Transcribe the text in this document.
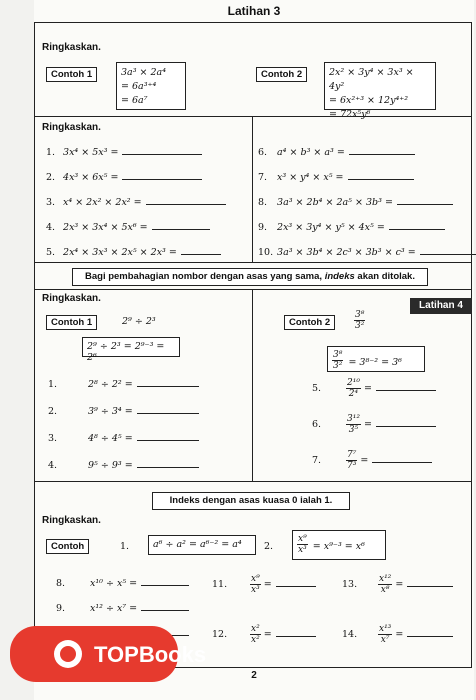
Latihan 3
Ringkaskan.
Contoh 1	3a³ × 2a⁴
= 6a³⁺⁴
= 6a⁷
Contoh 2	2x² × 3y⁴ × 3x³ × 4y²
= 6x²⁺³ × 12y⁴⁺²
= 72x⁵y⁶
Ringkaskan.
1. 3x⁴ × 5x³ =
2. 4x³ × 6x⁵ =
3. x⁴ × 2x² × 2x² =
4. 2x³ × 3x⁴ × 5x⁶ =
5. 2x⁴ × 3x³ × 2x⁵ × 2x³ =
6. a⁴ × b³ × a³ =
7. x³ × y⁴ × x⁵ =
8. 3a³ × 2b⁴ × 2a⁵ × 3b³ =
9. 2x³ × 3y⁴ × y⁵ × 4x⁵ =
10. 3a³ × 3b⁴ × 2c³ × 3b³ × c³ =
Bagi pembahagian nombor dengan asas yang sama, indeks akan ditolak.
Ringkaskan.
Latihan 4
Contoh 1	2⁹ ÷ 2³
2⁹ ÷ 2³ = 2⁹⁻³ = 2⁶
Contoh 2	$\frac{\text{3⁸}}{\text{3²}}$
$\frac{\text{3⁸}}{\text{3²}} = 3^{8-2} = 3^6$
1.	2⁸ ÷ 2² =
2.	3⁹ ÷ 3⁴ =
3.	4⁸ ÷ 4⁵ =
4.	9⁵ ÷ 9³ =
5.	$\frac{\text{2¹⁰}}{\text{2⁴}}$ =
6.	$\frac{\text{3¹²}}{\text{3⁵}}$ =
7.	$\frac{\text{7⁷}}{\text{7³}}$ =
Indeks dengan asas kuasa 0 ialah 1.
Ringkaskan.
Contoh	1.	a⁶ ÷ a² = a⁶⁻² = a⁴	2.	$\frac{\text{x⁹}}{\text{x³}} = x^{9-3} = x^6$
8.	x¹⁰ ÷ x⁵ =
9.	x¹² ÷ x⁷ =
11.	$\frac{\text{x⁹}}{\text{x³}}$ =
12.	$\frac{\text{x²}}{\text{x²}}$ =
13. $\frac{\text{x¹²}}{\text{x⁸}}$ =
14. $\frac{\text{x¹³}}{\text{x⁷}}$ =
2
TOPBooks
